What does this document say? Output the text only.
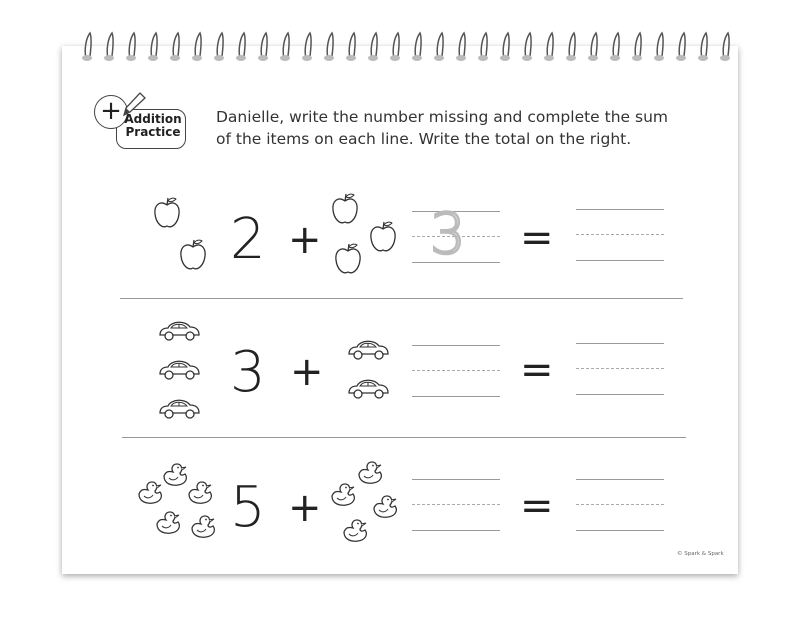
+ Addition
Practice
Danielle, write the number missing and complete the sum
of the items on each line. Write the total on the right.
2 + 3 =
3 +	=
5 +	=
© Spark & Spark
